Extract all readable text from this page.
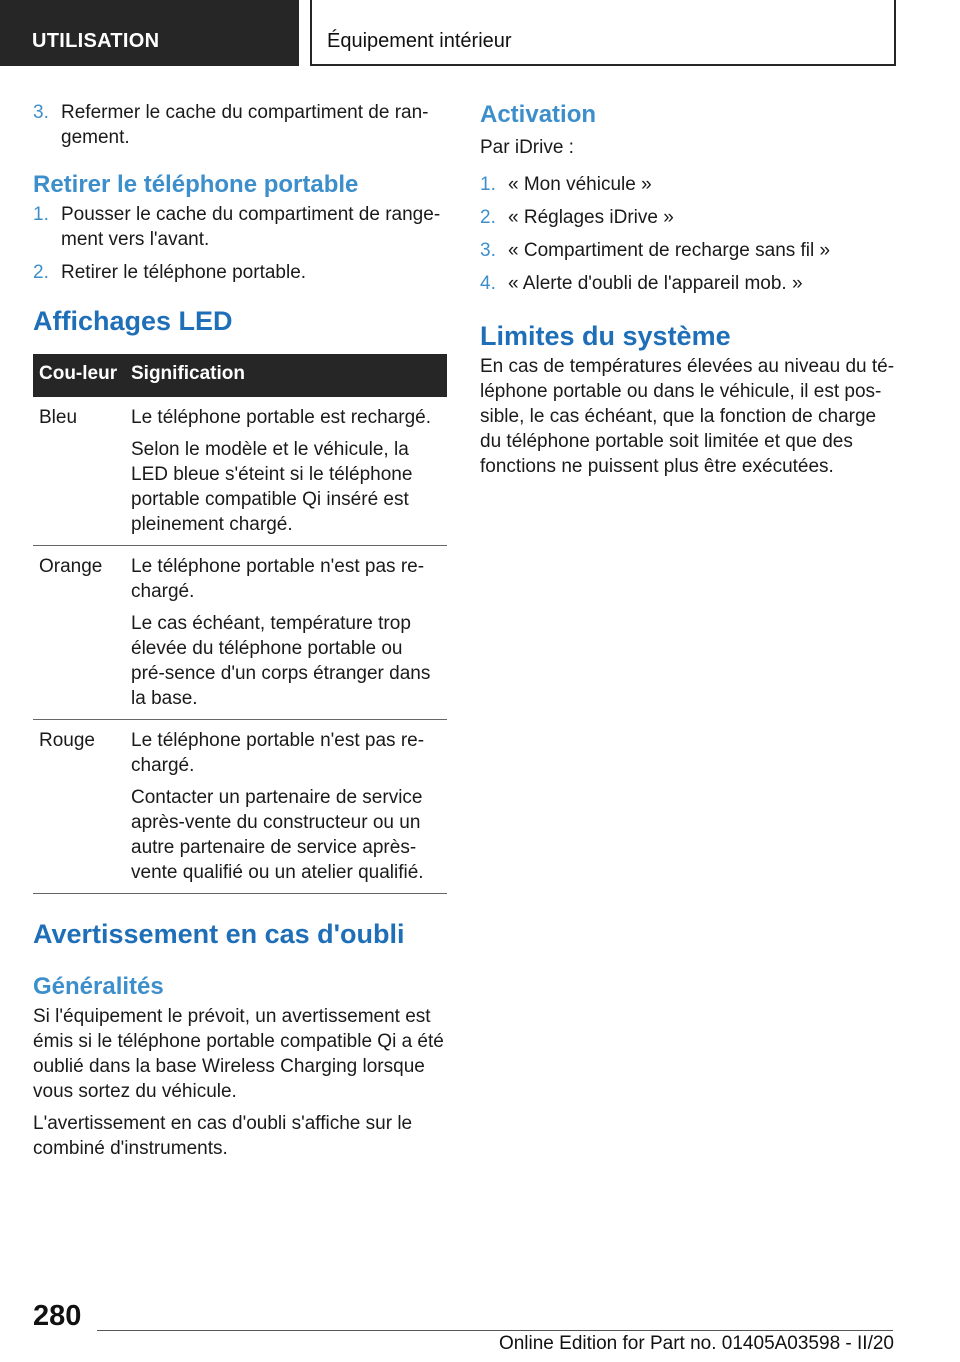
UTILISATION	Équipement intérieur
3. Refermer le cache du compartiment de ran‐gement.
Retirer le téléphone portable
1. Pousser le cache du compartiment de range‐ment vers l'avant.
2. Retirer le téléphone portable.
Affichages LED
Cou‐leur	Signification
Bleu	Le téléphone portable est rechargé.
Selon le modèle et le véhicule, la LED bleue s'éteint si le téléphone portable compatible Qi inséré est pleinement chargé.

Orange	Le téléphone portable n'est pas re‐chargé.
Le cas échéant, température trop élevée du téléphone portable ou pré‐sence d'un corps étranger dans la base.

Rouge	Le téléphone portable n'est pas re‐chargé.
Contacter un partenaire de service après-vente du constructeur ou un autre partenaire de service après-vente qualifié ou un atelier qualifié.
Avertissement en cas d'oubli
Généralités

Si l'équipement le prévoit, un avertissement est émis si le téléphone portable compatible Qi a été oublié dans la base Wireless Charging lorsque vous sortez du véhicule.

L'avertissement en cas d'oubli s'affiche sur le combiné d'instruments.

Activation

Par iDrive :

1. « Mon véhicule »
2. « Réglages iDrive »
3. « Compartiment de recharge sans fil »
4. « Alerte d'oubli de l'appareil mob. »
Limites du système

En cas de températures élevées au niveau du té‐léphone portable ou dans le véhicule, il est pos‐sible, le cas échéant, que la fonction de charge du téléphone portable soit limitée et que des fonctions ne puissent plus être exécutées.

280
Online Edition for Part no. 01405A03598 - II/20
